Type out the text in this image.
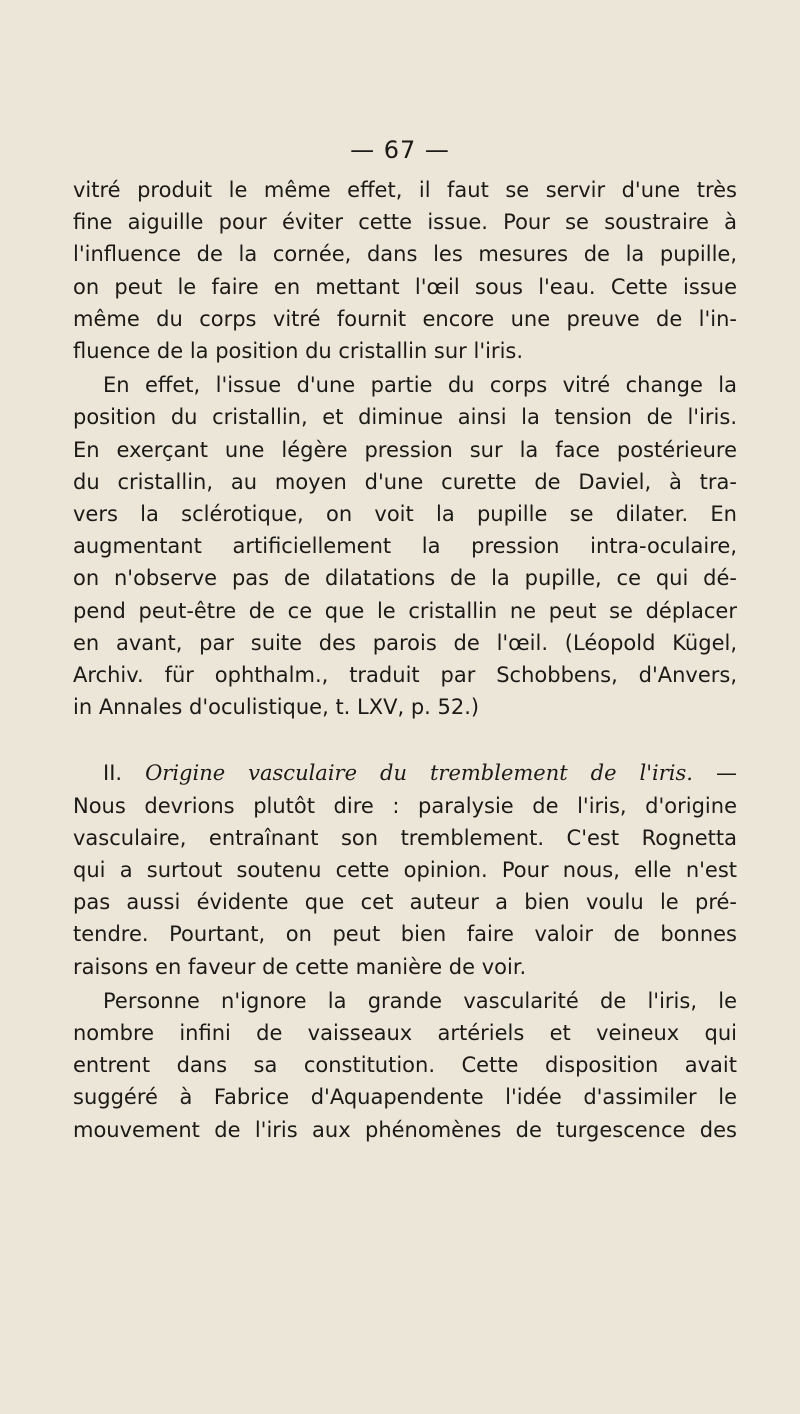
— 67 —
vitré produit le même effet, il faut se servir d'une très
fine aiguille pour éviter cette issue. Pour se soustraire à
l'influence de la cornée, dans les mesures de la pupille,
on peut le faire en mettant l'œil sous l'eau. Cette issue
même du corps vitré fournit encore une preuve de l'in-
fluence de la position du cristallin sur l'iris.
En effet, l'issue d'une partie du corps vitré change la
position du cristallin, et diminue ainsi la tension de l'iris.
En exerçant une légère pression sur la face postérieure
du cristallin, au moyen d'une curette de Daviel, à tra-
vers la sclérotique, on voit la pupille se dilater. En
augmentant artificiellement la pression intra-oculaire,
on n'observe pas de dilatations de la pupille, ce qui dé-
pend peut-être de ce que le cristallin ne peut se déplacer
en avant, par suite des parois de l'œil. (Léopold Kügel,
Archiv. für ophthalm., traduit par Schobbens, d'Anvers,
in Annales d'oculistique, t. LXV, p. 52.)
II. Origine vasculaire du tremblement de l'iris. —
Nous devrions plutôt dire : paralysie de l'iris, d'origine
vasculaire, entraînant son tremblement. C'est Rognetta
qui a surtout soutenu cette opinion. Pour nous, elle n'est
pas aussi évidente que cet auteur a bien voulu le pré-
tendre. Pourtant, on peut bien faire valoir de bonnes
raisons en faveur de cette manière de voir.
Personne n'ignore la grande vascularité de l'iris, le
nombre infini de vaisseaux artériels et veineux qui
entrent dans sa constitution. Cette disposition avait
suggéré à Fabrice d'Aquapendente l'idée d'assimiler le
mouvement de l'iris aux phénomènes de turgescence des
